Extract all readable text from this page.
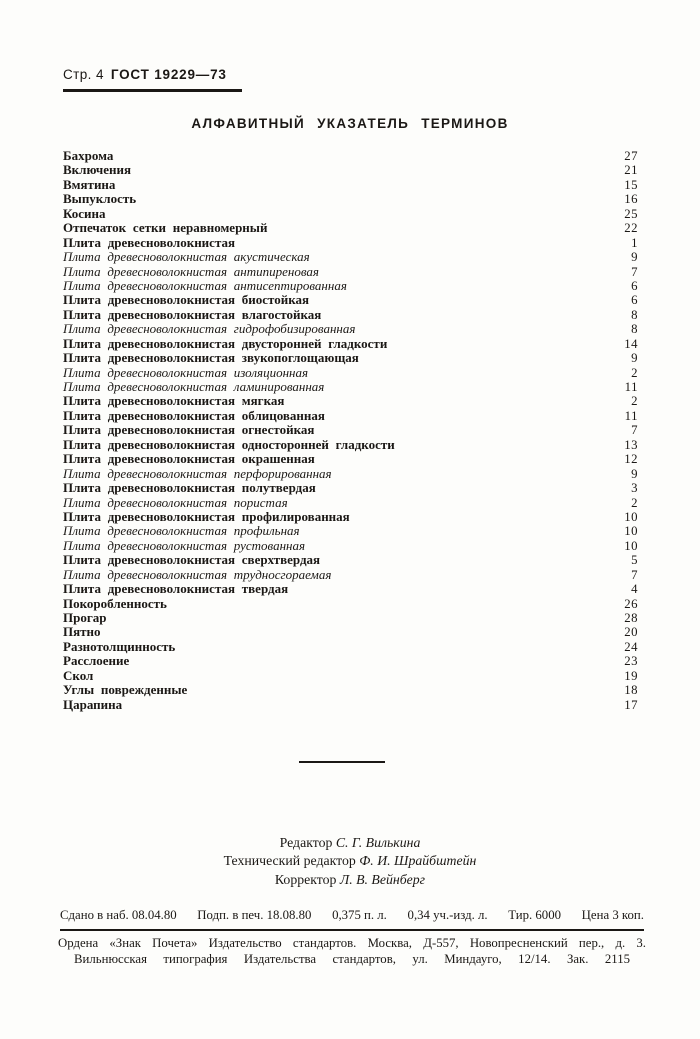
Стр. 4 ГОСТ 19229—73
АЛФАВИТНЫЙ УКАЗАТЕЛЬ ТЕРМИНОВ
Бахрома	27
Включения	21
Вмятина	15
Выпуклость	16
Косина	25
Отпечаток сетки неравномерный	22
Плита древесноволокнистая	1
Плита древесноволокнистая акустическая	9
Плита древесноволокнистая антипиреновая	7
Плита древесноволокнистая антисептированная	6
Плита древесноволокнистая биостойкая	6
Плита древесноволокнистая влагостойкая	8
Плита древесноволокнистая гидрофобизированная	8
Плита древесноволокнистая двусторонней гладкости	14
Плита древесноволокнистая звукопоглощающая	9
Плита древесноволокнистая изоляционная	2
Плита древесноволокнистая ламинированная	11
Плита древесноволокнистая мягкая	2
Плита древесноволокнистая облицованная	11
Плита древесноволокнистая огнестойкая	7
Плита древесноволокнистая односторонней гладкости	13
Плита древесноволокнистая окрашенная	12
Плита древесноволокнистая перфорированная	9
Плита древесноволокнистая полутвердая	3
Плита древесноволокнистая пористая	2
Плита древесноволокнистая профилированная	10
Плита древесноволокнистая профильная	10
Плита древесноволокнистая рустованная	10
Плита древесноволокнистая сверхтвердая	5
Плита древесноволокнистая трудносгораемая	7
Плита древесноволокнистая твердая	4
Покоробленность	26
Прогар	28
Пятно	20
Разнотолщинность	24
Расслоение	23
Скол	19
Углы поврежденные	18
Царапина	17
Редактор С. Г. Вилькина
Технический редактор Ф. И. Шрайбштейн
Корректор Л. В. Вейнберг
Сдано в наб. 08.04.80 Подп. в печ. 18.08.80 0,375 п. л. 0,34 уч.-изд. л. Тир. 6000 Цена 3 коп.
Ордена «Знак Почета» Издательство стандартов. Москва, Д-557, Новопресненский пер., д. 3.
Вильнюсская типография Издательства стандартов, ул. Миндауго, 12/14. Зак. 2115
